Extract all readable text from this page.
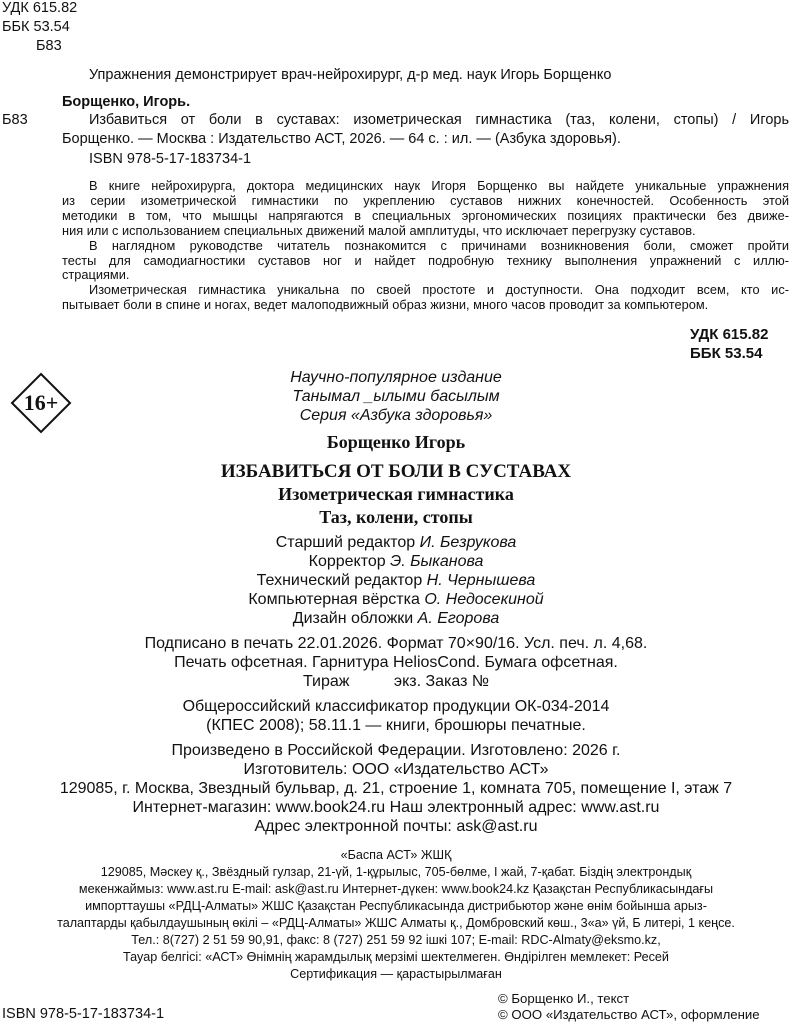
УДК 615.82
ББК 53.54
Б83
Упражнения демонстрирует врач-нейрохирург, д-р мед. наук Игорь Борщенко
Борщенко, Игорь.
Б83	Избавиться от боли в суставах: изометрическая гимнастика (таз, колени, стопы) / Игорь
Борщенко. — Москва : Издательство АСТ, 2026. — 64 с. : ил. — (Азбука здоровья).
ISBN 978-5-17-183734-1
В книге нейрохирурга, доктора медицинских наук Игоря Борщенко вы найдете уникальные упражнения
из серии изометрической гимнастики по укреплению суставов нижних конечностей. Особенность этой
методики в том, что мышцы напрягаются в специальных эргономических позициях практически без движе-
ния или с использованием специальных движений малой амплитуды, что исключает перегрузку суставов.
В наглядном руководстве читатель познакомится с причинами возникновения боли, сможет пройти
тесты для самодиагностики суставов ног и найдет подробную технику выполнения упражнений с иллю-
страциями.
Изометрическая гимнастика уникальна по своей простоте и доступности. Она подходит всем, кто ис-
пытывает боли в спине и ногах, ведет малоподвижный образ жизни, много часов проводит за компьютером.
УДК 615.82
ББК 53.54
16+
Научно-популярное издание
Танымал _ылыми басылым
Серия «Азбука здоровья»
Борщенко Игорь
ИЗБАВИТЬСЯ ОТ БОЛИ В СУСТАВАХ
Изометрическая гимнастика
Таз, колени, стопы
Старший редактор И. Безрукова
Корректор Э. Быканова
Технический редактор Н. Чернышева
Компьютерная вёрстка О. Недосекиной
Дизайн обложки А. Егорова
Подписано в печать 22.01.2026. Формат 70×90/16. Усл. печ. л. 4,68.
Печать офсетная. Гарнитура HeliosCond. Бумага офсетная.
Тираж          экз. Заказ №
Общероссийский классификатор продукции ОК-034-2014
(КПЕС 2008); 58.11.1 — книги, брошюры печатные.
Произведено в Российской Федерации. Изготовлено: 2026 г.
Изготовитель: ООО «Издательство АСТ»
129085, г. Москва, Звездный бульвар, д. 21, строение 1, комната 705, помещение I, этаж 7
Интернет-магазин: www.book24.ru Наш электронный адрес: www.ast.ru
Адрес электронной почты: ask@ast.ru
«Баспа АСТ» ЖШҚ
129085, Мәскеу қ., Звёздный гулзар, 21-үй, 1-құрылыс, 705-бөлме, I жай, 7-қабат. Біздің электрондық
мекенжаймыз: www.ast.ru E-mail: ask@ast.ru Интернет-дүкен: www.book24.kz Қазақстан Республикасындағы
импорттаушы «РДЦ-Алматы» ЖШС Қазақстан Республикасында дистрибьютор және өнім бойынша арыз-
талаптарды қабылдаушының өкілі – «РДЦ-Алматы» ЖШС Алматы қ., Домбровский көш., 3«а» үй, Б литері, 1 кеңсе.
Тел.: 8(727) 2 51 59 90,91, факс: 8 (727) 251 59 92 ішкі 107; E-mail: RDC-Almaty@eksmo.kz,
Тауар белгісі: «АСТ» Өнімнің жарамдылық мерзімі шектелмеген. Өндірілген мемлекет: Ресей
Сертификация — қарастырылмаған
© Борщенко И., текст
ISBN 978-5-17-183734-1	© ООО «Издательство АСТ», оформление
